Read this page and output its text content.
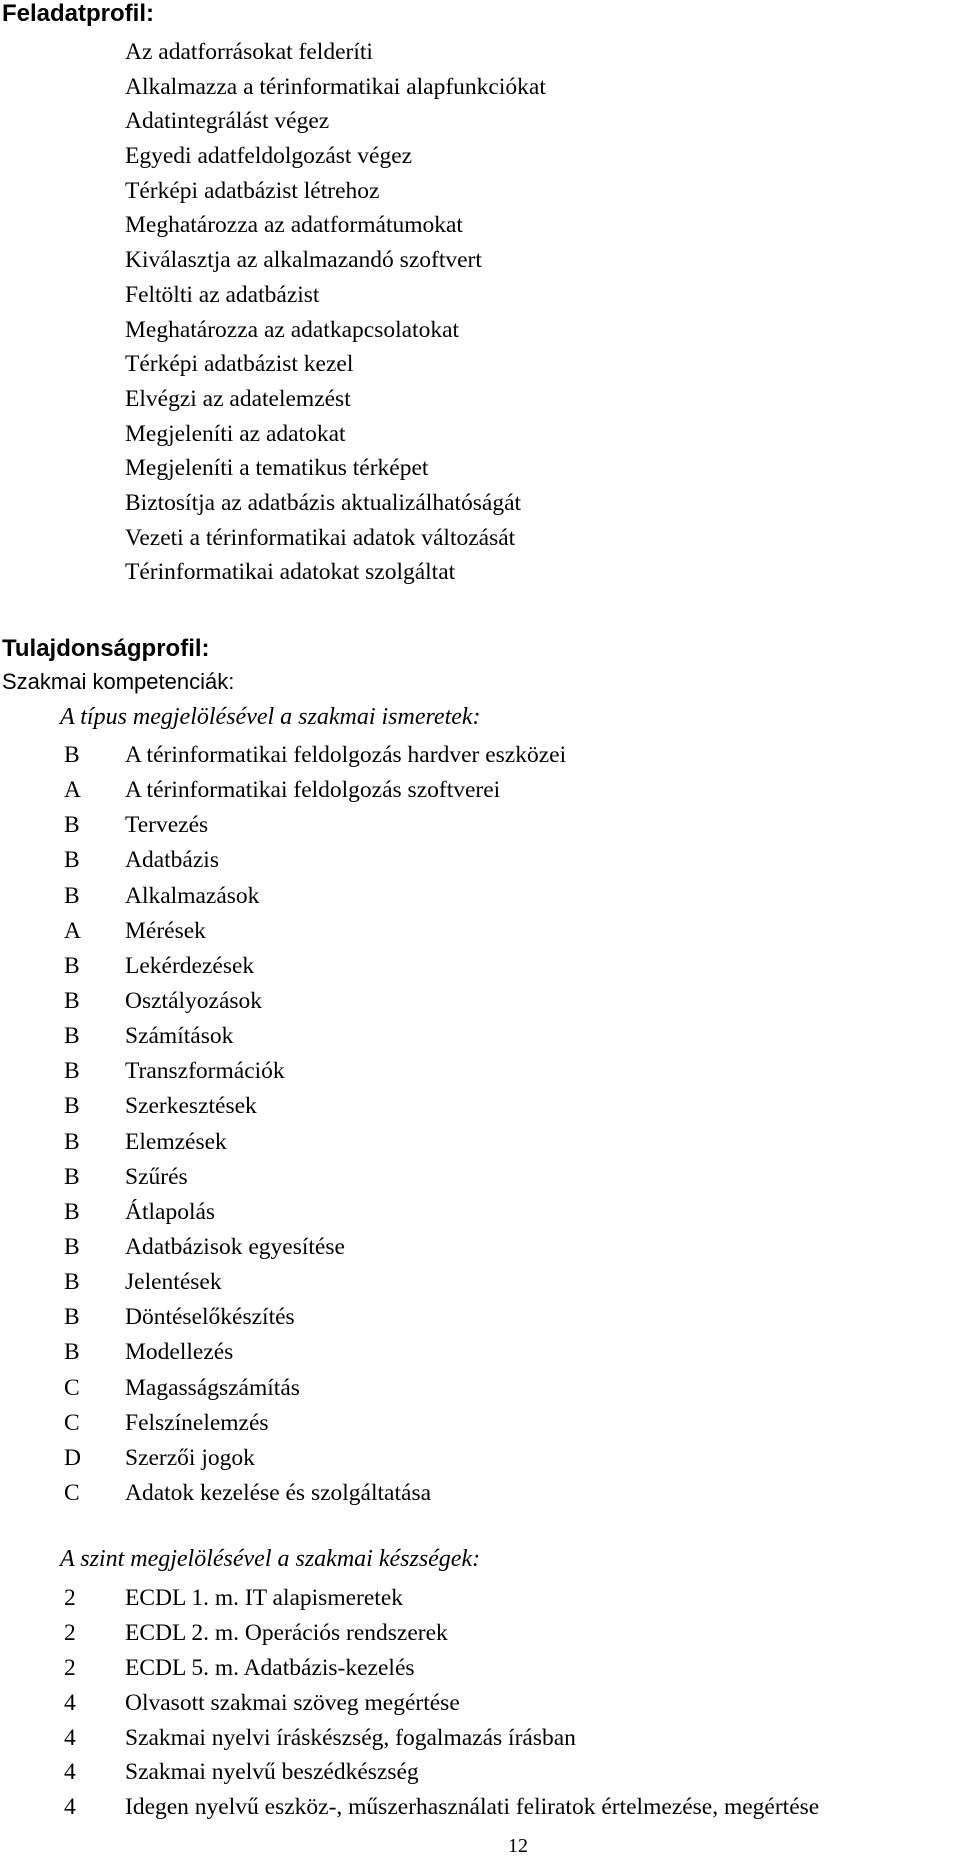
Feladatprofil:
Az adatforrásokat felderíti
Alkalmazza a térinformatikai alapfunkciókat
Adatintegrálást végez
Egyedi adatfeldolgozást végez
Térképi adatbázist létrehoz
Meghatározza az adatformátumokat
Kiválasztja az alkalmazandó szoftvert
Feltölti az adatbázist
Meghatározza az adatkapcsolatokat
Térképi adatbázist kezel
Elvégzi az adatelemzést
Megjeleníti az adatokat
Megjeleníti a tematikus térképet
Biztosítja az adatbázis aktualizálhatóságát
Vezeti a térinformatikai adatok változását
Térinformatikai adatokat szolgáltat
Tulajdonságprofil:
Szakmai kompetenciák:
A típus megjelölésével a szakmai ismeretek:
B	A térinformatikai feldolgozás hardver eszközei
A	A térinformatikai feldolgozás szoftverei
B	Tervezés
B	Adatbázis
B	Alkalmazások
A	Mérések
B	Lekérdezések
B	Osztályozások
B	Számítások
B	Transzformációk
B	Szerkesztések
B	Elemzések
B	Szűrés
B	Átlapolás
B	Adatbázisok egyesítése
B	Jelentések
B	Döntéselőkészítés
B	Modellezés
C	Magasságszámítás
C	Felszínelemzés
D	Szerzői jogok
C	Adatok kezelése és szolgáltatása
A szint megjelölésével a szakmai készségek:
2	ECDL 1. m. IT alapismeretek
2	ECDL 2. m. Operációs rendszerek
2	ECDL 5. m. Adatbázis-kezelés
4	Olvasott szakmai szöveg megértése
4	Szakmai nyelvi íráskészség, fogalmazás írásban
4	Szakmai nyelvű beszédkészség
4	Idegen nyelvű eszköz-, műszerhasználati feliratok értelmezése, megértése
12
